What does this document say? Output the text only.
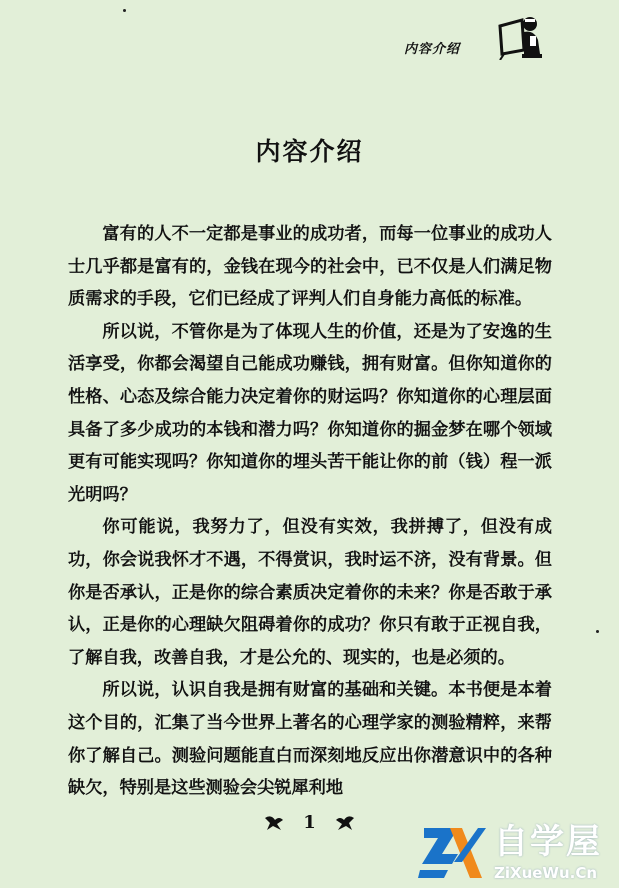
内容介绍
内容介绍

富有的人不一定都是事业的成功者，而每一位事业的成功人士几乎都是富有的，金钱在现今的社会中，已不仅是人们满足物质需求的手段，它们已经成了评判人们自身能力高低的标准。

所以说，不管你是为了体现人生的价值，还是为了安逸的生活享受，你都会渴望自己能成功赚钱，拥有财富。但你知道你的性格、心态及综合能力决定着你的财运吗？你知道你的心理层面具备了多少成功的本钱和潜力吗？你知道你的掘金梦在哪个领域更有可能实现吗？你知道你的埋头苦干能让你的前（钱）程一派光明吗？

你可能说，我努力了，但没有实效，我拼搏了，但没有成功，你会说我怀才不遇，不得赏识，我时运不济，没有背景。但你是否承认，正是你的综合素质决定着你的未来？你是否敢于承认，正是你的心理缺欠阻碍着你的成功？你只有敢于正视自我，了解自我，改善自我，才是公允的、现实的，也是必须的。

所以说，认识自我是拥有财富的基础和关键。本书便是本着这个目的，汇集了当今世界上著名的心理学家的测验精粹，来帮你了解自己。测验问题能直白而深刻地反应出你潜意识中的各种缺欠，特别是这些测验会尖锐犀利地

1	自学屋
ZiXueWu.Cn
